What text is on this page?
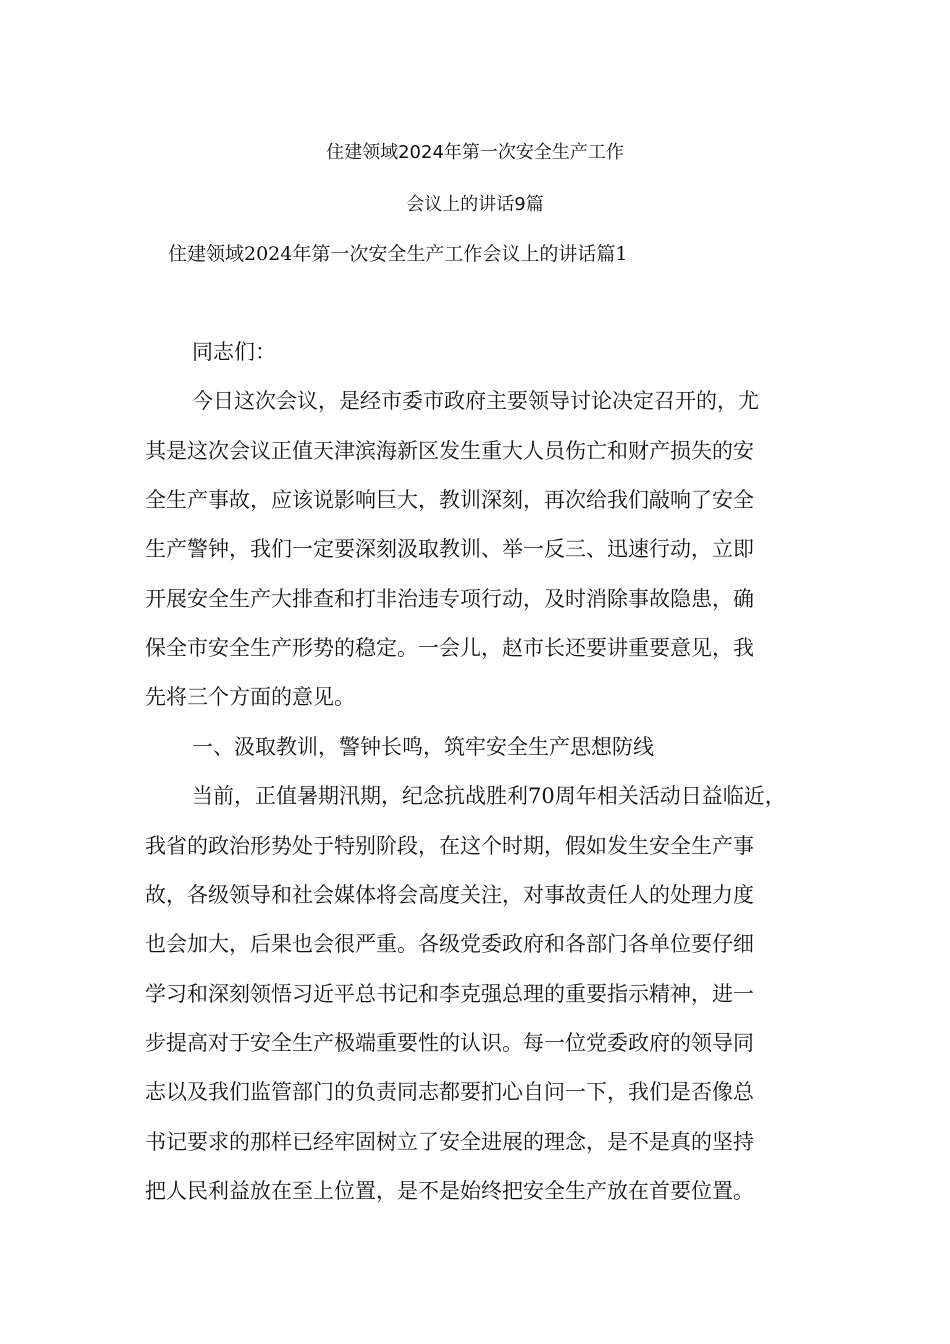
住建领域2024年第一次安全生产工作
会议上的讲话9篇
住建领域2024年第一次安全生产工作会议上的讲话篇1
同志们：
今日这次会议，是经市委市政府主要领导讨论决定召开的，尤
其是这次会议正值天津滨海新区发生重大人员伤亡和财产损失的安
全生产事故，应该说影响巨大，教训深刻，再次给我们敲响了安全
生产警钟，我们一定要深刻汲取教训、举一反三、迅速行动，立即
开展安全生产大排查和打非治违专项行动，及时消除事故隐患，确
保全市安全生产形势的稳定。一会儿，赵市长还要讲重要意见，我
先将三个方面的意见。
一、汲取教训，警钟长鸣，筑牢安全生产思想防线
当前，正值暑期汛期，纪念抗战胜利70周年相关活动日益临近，
我省的政治形势处于特别阶段，在这个时期，假如发生安全生产事
故，各级领导和社会媒体将会高度关注，对事故责任人的处理力度
也会加大，后果也会很严重。各级党委政府和各部门各单位要仔细
学习和深刻领悟习近平总书记和李克强总理的重要指示精神，进一
步提高对于安全生产极端重要性的认识。每一位党委政府的领导同
志以及我们监管部门的负责同志都要扪心自问一下，我们是否像总
书记要求的那样已经牢固树立了安全进展的理念，是不是真的坚持
把人民利益放在至上位置，是不是始终把安全生产放在首要位置。
